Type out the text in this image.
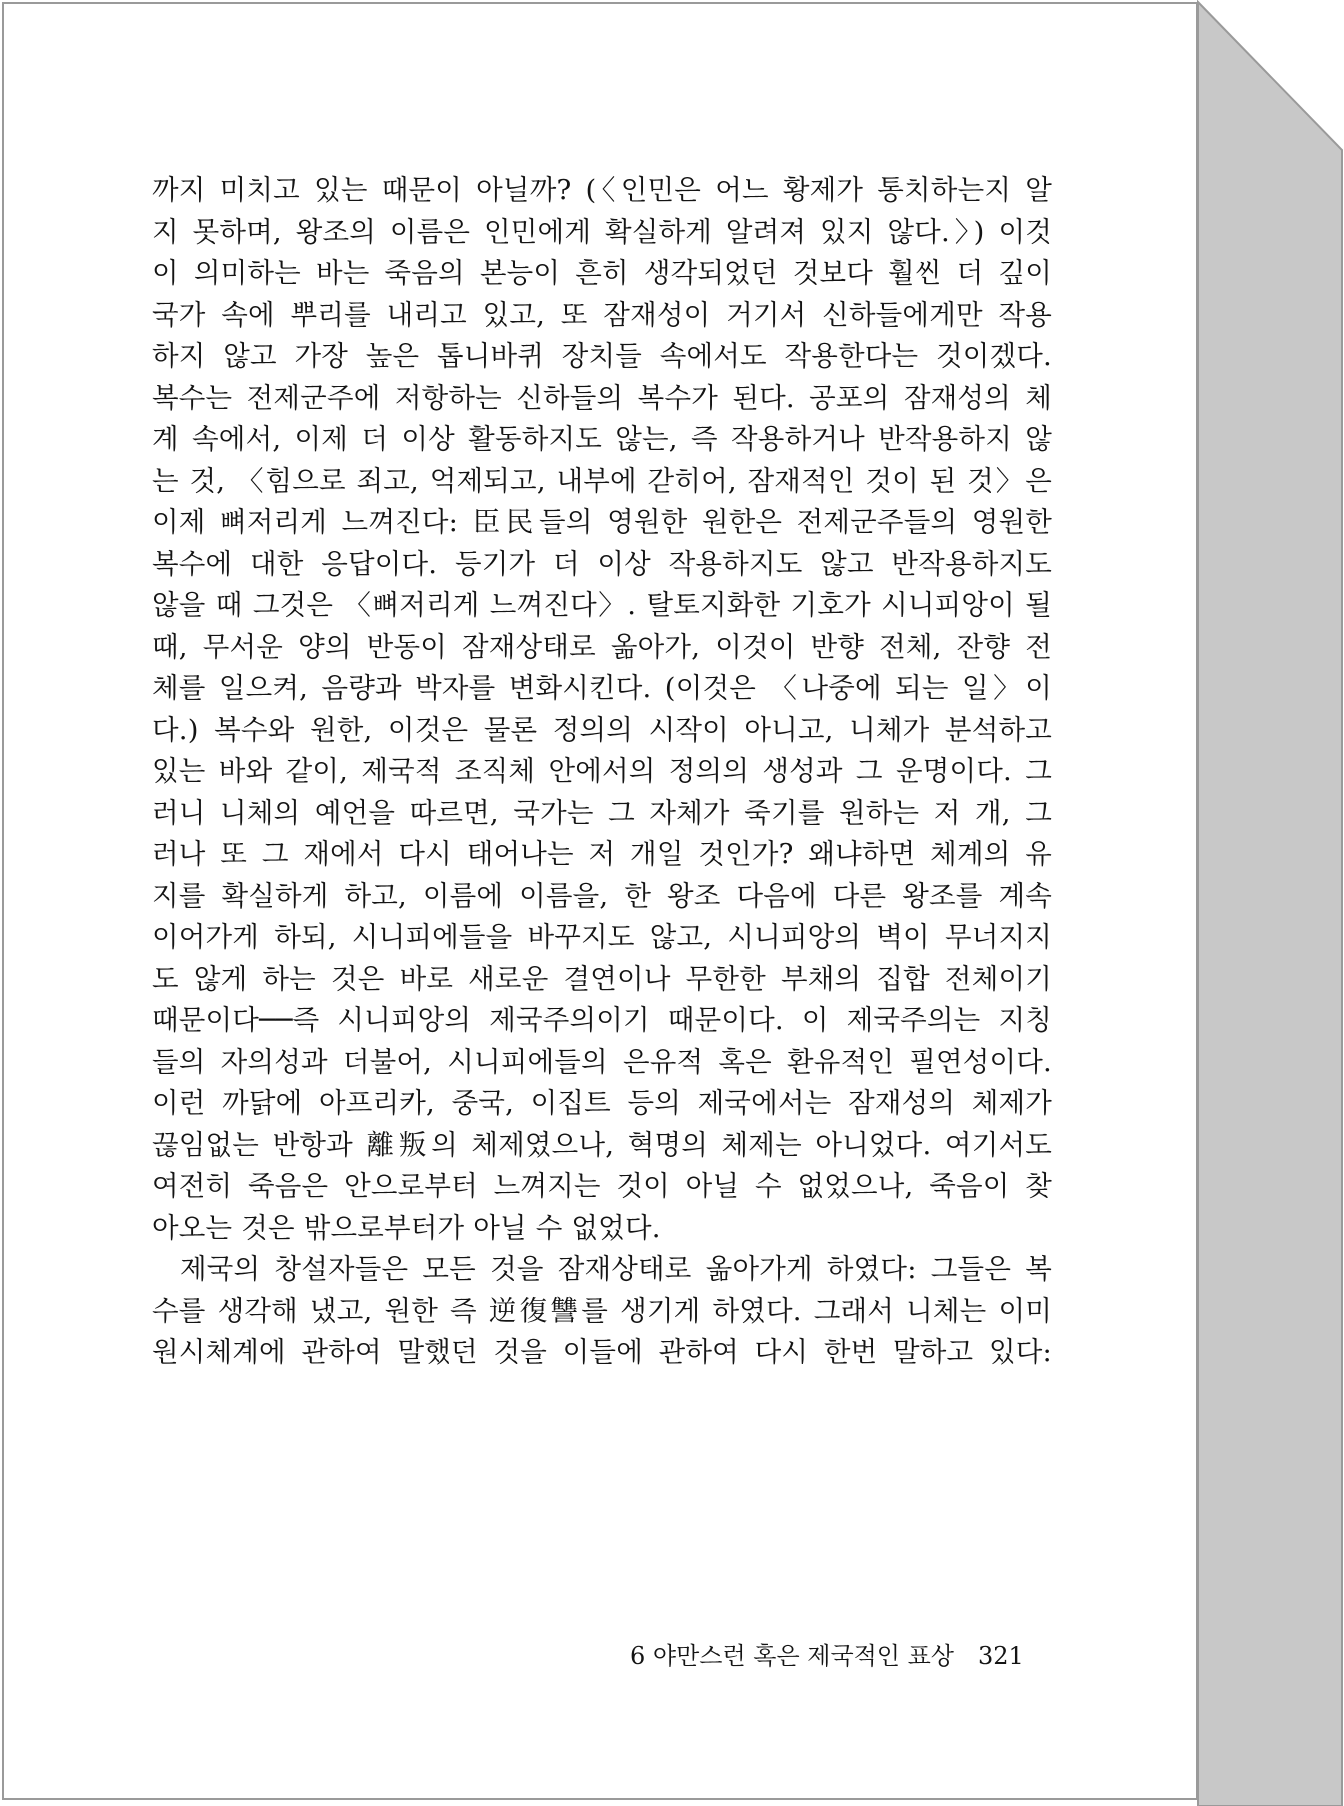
까지 미치고 있는 때문이 아닐까? (〈인민은 어느 황제가 통치하는지 알
지 못하며, 왕조의 이름은 인민에게 확실하게 알려져 있지 않다.〉) 이것
이 의미하는 바는 죽음의 본능이 흔히 생각되었던 것보다 훨씬 더 깊이
국가 속에 뿌리를 내리고 있고, 또 잠재성이 거기서 신하들에게만 작용
하지 않고 가장 높은 톱니바퀴 장치들 속에서도 작용한다는 것이겠다.
복수는 전제군주에 저항하는 신하들의 복수가 된다. 공포의 잠재성의 체
계 속에서, 이제 더 이상 활동하지도 않는, 즉 작용하거나 반작용하지 않
는 것, 〈힘으로 죄고, 억제되고, 내부에 갇히어, 잠재적인 것이 된 것〉은
이제 뼈저리게 느껴진다: 臣民들의 영원한 원한은 전제군주들의 영원한
복수에 대한 응답이다. 등기가 더 이상 작용하지도 않고 반작용하지도
않을 때 그것은 〈뼈저리게 느껴진다〉. 탈토지화한 기호가 시니피앙이 될
때, 무서운 양의 반동이 잠재상태로 옮아가, 이것이 반향 전체, 잔향 전
체를 일으켜, 음량과 박자를 변화시킨다. (이것은 〈나중에 되는 일〉이
다.) 복수와 원한, 이것은 물론 정의의 시작이 아니고, 니체가 분석하고
있는 바와 같이, 제국적 조직체 안에서의 정의의 생성과 그 운명이다. 그
러니 니체의 예언을 따르면, 국가는 그 자체가 죽기를 원하는 저 개, 그
러나 또 그 재에서 다시 태어나는 저 개일 것인가? 왜냐하면 체계의 유
지를 확실하게 하고, 이름에 이름을, 한 왕조 다음에 다른 왕조를 계속
이어가게 하되, 시니피에들을 바꾸지도 않고, 시니피앙의 벽이 무너지지
도 않게 하는 것은 바로 새로운 결연이나 무한한 부채의 집합 전체이기
때문이다──즉 시니피앙의 제국주의이기 때문이다. 이 제국주의는 지칭
들의 자의성과 더불어, 시니피에들의 은유적 혹은 환유적인 필연성이다.
이런 까닭에 아프리카, 중국, 이집트 등의 제국에서는 잠재성의 체제가
끊임없는 반항과 離叛의 체제였으나, 혁명의 체제는 아니었다. 여기서도
여전히 죽음은 안으로부터 느껴지는 것이 아닐 수 없었으나, 죽음이 찾
아오는 것은 밖으로부터가 아닐 수 없었다.
제국의 창설자들은 모든 것을 잠재상태로 옮아가게 하였다: 그들은 복
수를 생각해 냈고, 원한 즉 逆復讐를 생기게 하였다. 그래서 니체는 이미
원시체계에 관하여 말했던 것을 이들에 관하여 다시 한번 말하고 있다:
6 야만스런 혹은 제국적인 표상 321
